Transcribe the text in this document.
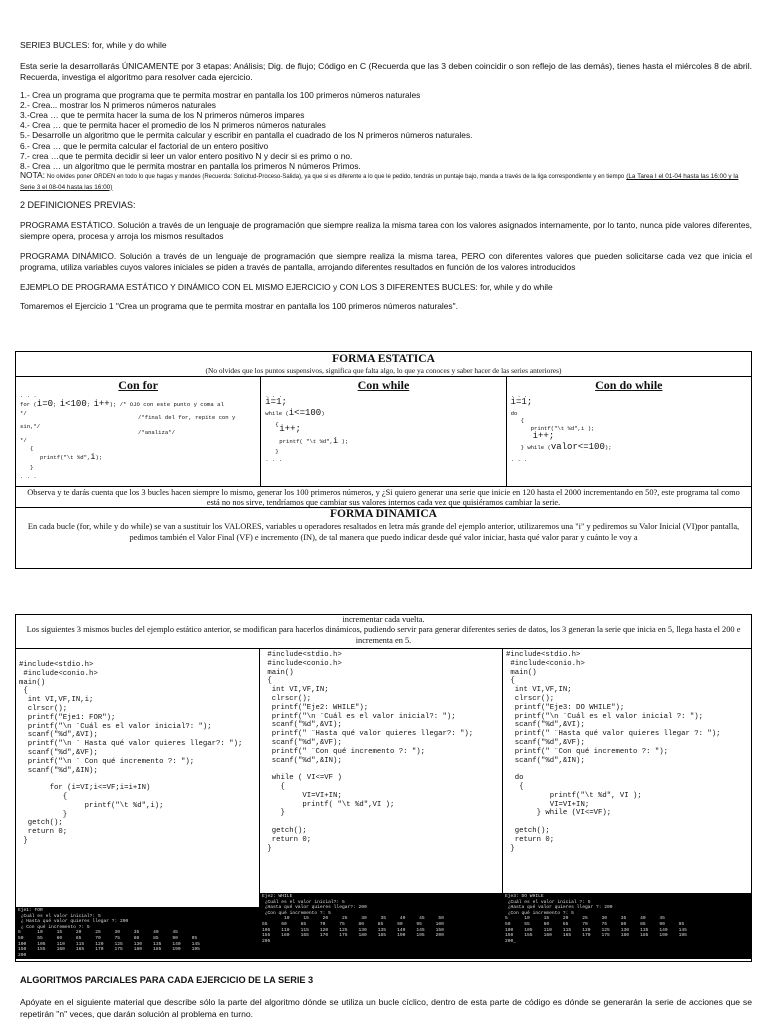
SERIE3 BUCLES: for, while y do while

Esta serie la desarrollarás ÚNICAMENTE por 3 etapas: Análisis; Dig. de flujo; Código en C (Recuerda que las 3 deben coincidir o son reflejo de las demás), tienes hasta el miércoles 8 de abril. Recuerda, investiga el algoritmo para resolver cada ejercicio.

1.- Crea un programa que programa que te permita mostrar en pantalla los 100 primeros números naturales
2.- Crea... mostrar los N primeros números naturales
3.-Crea … que te permita hacer la suma de los N primeros números impares
4.- Crea … que te permita hacer el promedio de los N primeros números naturales
5.- Desarrolle un algoritmo que le permita calcular y escribir en pantalla el cuadrado de los N primeros números naturales.
6.- Crea … que le permita calcular el factorial de un entero positivo
7.- crea …que te permita decidir si leer un valor entero positivo N y decir si es primo o no.
8.- Crea … un algoritmo que le permita mostrar en pantalla los primeros N números Primos.

NOTA: No olvides poner ORDEN en todo lo que hagas y mandes (Recuerda: Solicitud-Proceso-Salida), ya que si es diferente a lo que le pedido, tendrás un puntaje bajo, manda a través de la liga correspondiente y en tiempo (La Tarea I el 01-04 hasta las 16:00 y la Serie 3 el 08-04 hasta las 16:00)

2 DEFINICIONES PREVIAS:

PROGRAMA ESTÁTICO. Solución a través de un lenguaje de programación que siempre realiza la misma tarea con los valores asignados internamente, por lo tanto, nunca pide valores diferentes, siempre opera, procesa y arroja los mismos resultados

PROGRAMA DINÁMICO. Solución a través de un lenguaje de programación que siempre realiza la misma tarea, PERO con diferentes valores que pueden solicitarse cada vez que inicia el programa, utiliza variables cuyos valores iniciales se piden a través de pantalla, arrojando diferentes resultados en función de los valores introducidos

EJEMPLO DE PROGRAMA ESTÁTICO Y DINÁMICO CON EL MISMO EJERCICIO y CON LOS 3 DIFERENTES BUCLES: for, while y do while

Tomaremos el Ejercicio 1 "Crea un programa que te permita mostrar en pantalla los 100 primeros números naturales".

FORMA ESTATICA
(No olvides que los puntos suspensivos, significa que falta algo, lo que ya conoces y saber hacer de las series anteriores)
Con for
. . .
for (i=0; i<100; i++); /* OJO con este punto y coma al
*/
/*final del for, repite con y
sin,*/
/*analiza*/
*/
{
printf("\t %d",i);
}
. . .

Con while
. . .
i=1;
while (i<=100)
{ i++;
printf( "\t %d",i );
}
. . .

Con do while
. . .
i=1;
do
{
printf("\t %d",i );
i++;
} while (valor<=100);
. . .
Observa y te darás cuenta que los 3 bucles hacen siempre lo mismo, generar los 100 primeros números, y ¿Si quiero generar una serie que inicie en 120 hasta el 2000 incrementando en 50?, este programa tal como está no nos sirve, tendríamos que cambiar sus valores internos cada vez que quisiéramos cambiar la serie.
FORMA DINAMICA
En cada bucle (for, while y do while) se van a sustituir los VALORES, variables u operadores resaltados en letra más grande del ejemplo anterior, utilizaremos una "i" y pediremos su Valor Inicial (VI)por pantalla, pedimos también el Valor Final (VF) e incremento (IN), de tal manera que puedo indicar desde qué valor iniciar, hasta qué valor parar y cuánto le voy a
incrementar cada vuelta.
Los siguientes 3 mismos bucles del ejemplo estático anterior, se modifican para hacerlos dinámicos, pudiendo servir para generar diferentes series de datos, los 3 generan la serie que inicia en 5, llega hasta el 200 e incrementa en 5.
#include<stdio.h>
#include<conio.h>
main()
{
int VI,VF,IN,i;
clrscr();
printf("Eje1: FOR");
printf("\n ¨Cuál es el valor inicial?: ");
scanf("%d",&VI);
printf("\n ¨ Hasta qué valor quieres llegar?: ");
scanf("%d",&VF);
printf("\n ¨ Con qué incremento ?: ");
scanf("%d",&IN);

for (i=VI;i<=VF;i=i+IN)
{
printf("\t %d",i);
}
getch();
return 0;
}
Eje1: FOR
¿Cuál es el valor inicial?: 5
¿ Hasta qué valor quieres llegar ?: 200
¿ Con qué incremento ?: 5
5      10     15     20     25     30     35     40     45
50     55     60     65     70     75     80     85     90     95
100    105    110    115    120    125    130    135    140    145
150    155    160    165    170    175    180    185    190    195
200
#include<stdio.h>
#include<conio.h>
main()
{
int VI,VF,IN;
clrscr();
printf("Eje2: WHILE");
printf("\n ¨Cuál es el valor inicial?: ");
scanf("%d",&VI);
printf(" ¨Hasta qué valor quieres llegar?: ");
scanf("%d",&VF);
printf(" ¨Con qué incremento ?: ");
scanf("%d",&IN);

while ( VI<=VF )
{
VI=VI+IN;
printf( "\t %d",VI );
}

getch();
return 0;
}
Eje2: WHILE
¿Cuál es el valor inicial?: 5
¿Hasta qué valor quieres llegar?: 200
¿Con qué incremento ?: 5
10     15     20     25     30     35     40     45     50
55     60     65     70     75     80     85     90     95     100
105    110    115    120    125    130    135    140    145    150
155    160    165    170    175    180    185    190    195    200
205
#include<stdio.h>
#include<conio.h>
main()
{
int VI,VF,IN;
clrscr();
printf("Eje3: DO WHILE");
printf("\n ¨Cuál es el valor inicial ?: ");
scanf("%d",&VI);
printf(" ¨Hasta qué valor quieres llegar ?: ");
scanf("%d",&VF);
printf(" ¨Con qué incremento ?: ");
scanf("%d",&IN);

do
{
printf("\t %d", VI );
VI=VI+IN;
} while (VI<=VF);

getch();
return 0;
}
Eje3: DO WHILE
¿Cuál es el valor inicial ?: 5
¿Hasta qué valor quieres llegar ?: 200
¿Con qué incremento ?: 5
5      10     15     20     25     30     35     40     45
50     55     60     65     70     75     80     85     90     95
100    105    110    115    120    125    130    135    140    145
150    155    160    165    170    175    180    185    190    195
200_

ALGORITMOS PARCIALES PARA CADA EJERCICIO DE LA SERIE 3

Apóyate en el siguiente material que describe sólo la parte del algoritmo dónde se utiliza un bucle cíclico, dentro de esta parte de código es dónde se generarán la serie de acciones que se repetirán "n" veces, que darán solución al problema en turno.
